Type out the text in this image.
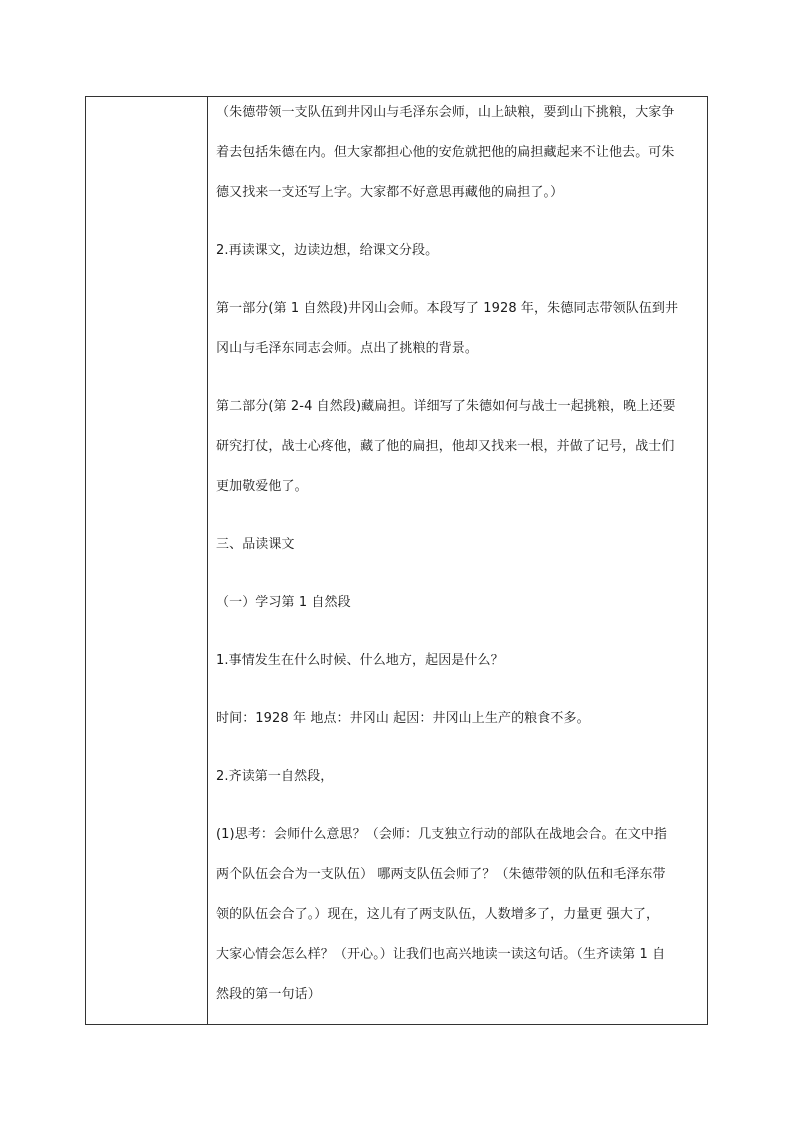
（朱德带领一支队伍到井冈山与毛泽东会师，山上缺粮，要到山下挑粮，大家争
着去包括朱德在内。但大家都担心他的安危就把他的扁担藏起来不让他去。可朱
德又找来一支还写上字。大家都不好意思再藏他的扁担了。）
2.再读课文，边读边想，给课文分段。
第一部分(第 1 自然段)井冈山会师。本段写了 1928 年，朱德同志带领队伍到井
冈山与毛泽东同志会师。点出了挑粮的背景。
第二部分(第 2-4 自然段)藏扁担。详细写了朱德如何与战士一起挑粮，晚上还要
研究打仗，战士心疼他，藏了他的扁担，他却又找来一根，并做了记号，战士们
更加敬爱他了。
三、品读课文
（一）学习第 1 自然段
1.事情发生在什么时候、什么地方，起因是什么？
时间：1928 年 地点：井冈山 起因：井冈山上生产的粮食不多。
2.齐读第一自然段，
(1)思考：会师什么意思？（会师：几支独立行动的部队在战地会合。在文中指
两个队伍会合为一支队伍） 哪两支队伍会师了？（朱德带领的队伍和毛泽东带
领的队伍会合了。）现在，这儿有了两支队伍，人数增多了，力量更 强大了，
大家心情会怎么样？（开心。）让我们也高兴地读一读这句话。（生齐读第 1 自
然段的第一句话）
